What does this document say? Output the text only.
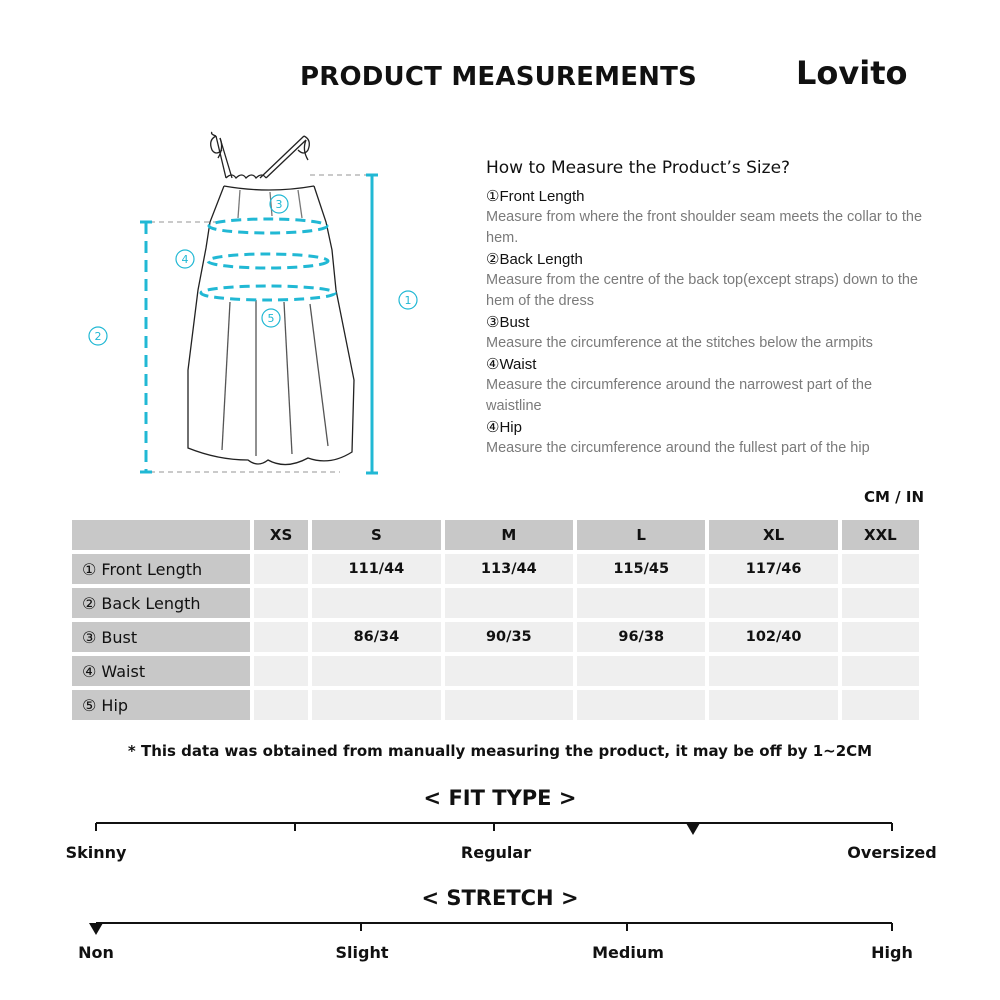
PRODUCT MEASUREMENTS	Lovito
1
2
3
4
5
How to Measure the Product’s Size?
①Front Length
Measure from where the front shoulder seam meets the collar to the hem.
②Back Length
Measure from the centre of the back top(except straps) down to the hem of the dress
③Bust
Measure the circumference at the stitches below the armpits
④Waist
Measure the circumference around the narrowest part of the waistline
④Hip
Measure the circumference around the fullest part of the hip
CM / IN
	XS	S	M	L	XL	XXL
① Front Length		111/44	113/44	115/45	117/46	
② Back Length						
③ Bust		86/34	90/35	96/38	102/40	
④ Waist						
⑤ Hip						
* This data was obtained from manually measuring the product, it may be off by 1~2CM
< FIT TYPE >
Skinny	Regular	Oversized
< STRETCH >
Non	Slight	Medium	High
